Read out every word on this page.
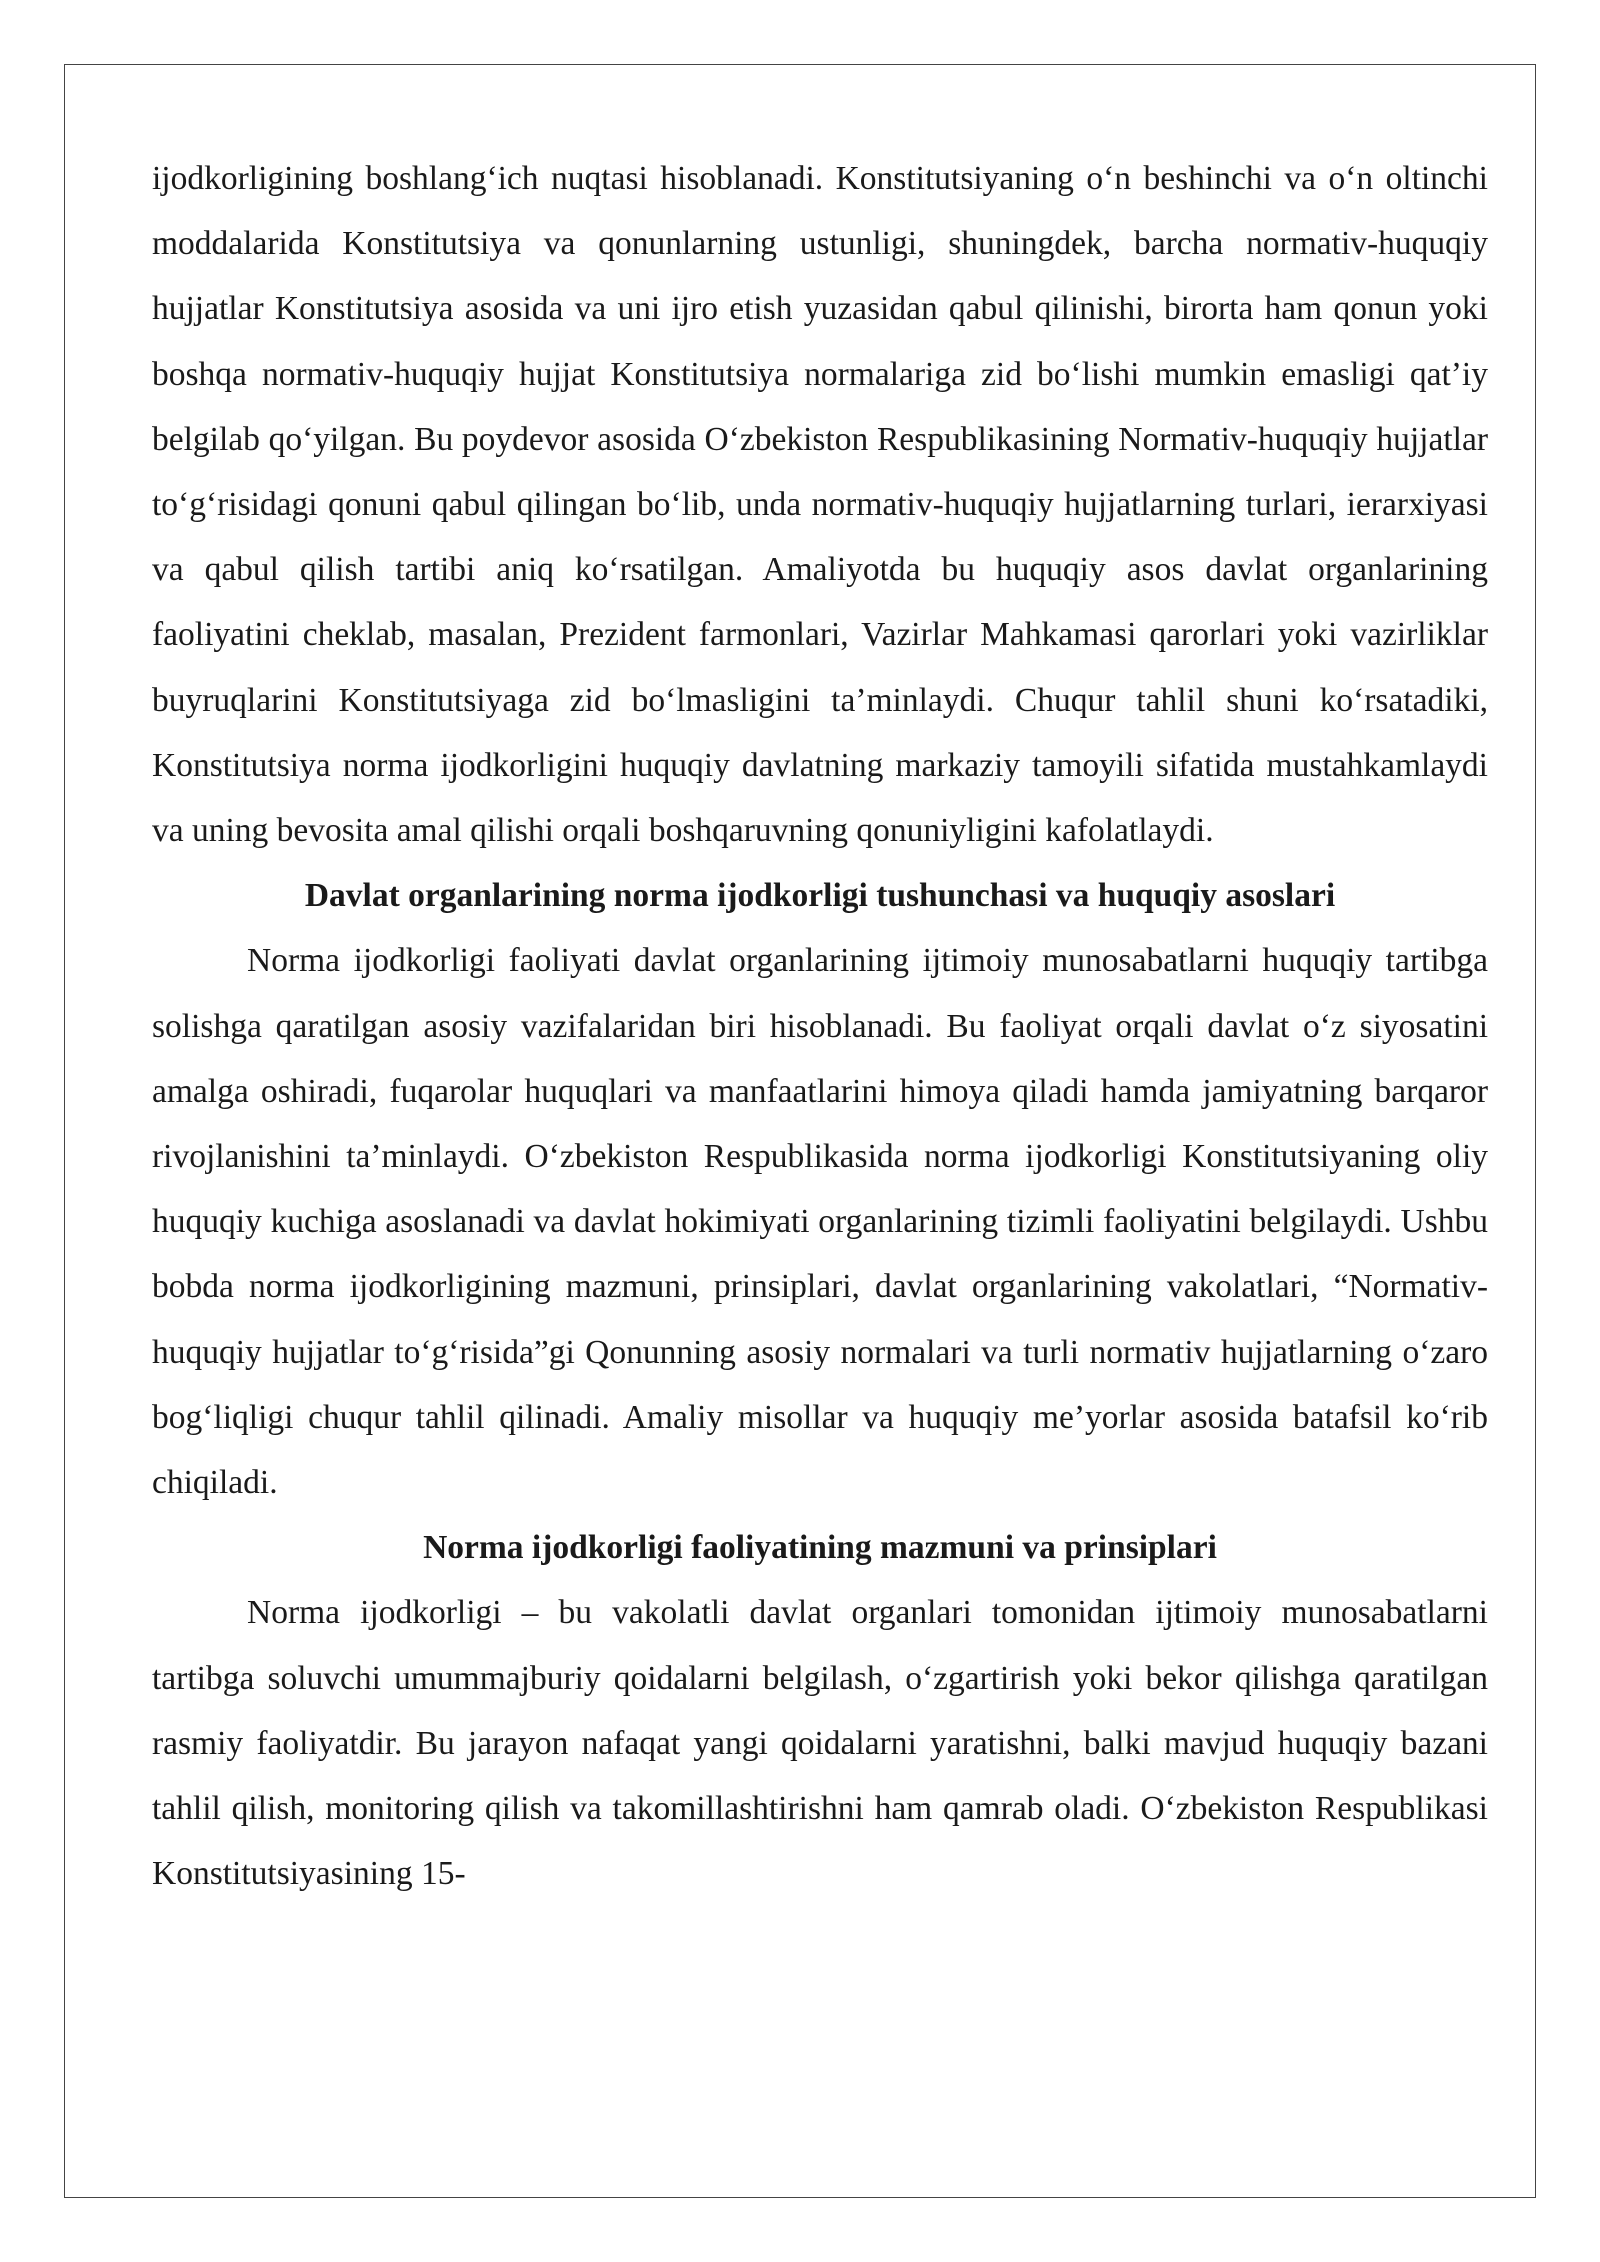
ijodkorligining boshlang‘ich nuqtasi hisoblanadi. Konstitutsiyaning o‘n beshinchi va o‘n oltinchi moddalarida Konstitutsiya va qonunlarning ustunligi, shuningdek, barcha normativ-huquqiy hujjatlar Konstitutsiya asosida va uni ijro etish yuzasidan qabul qilinishi, birorta ham qonun yoki boshqa normativ-huquqiy hujjat Konstitutsiya normalariga zid bo‘lishi mumkin emasligi qat’iy belgilab qo‘yilgan. Bu poydevor asosida O‘zbekiston Respublikasining Normativ-huquqiy hujjatlar to‘g‘risidagi qonuni qabul qilingan bo‘lib, unda normativ-huquqiy hujjatlarning turlari, ierarxiyasi va qabul qilish tartibi aniq ko‘rsatilgan. Amaliyotda bu huquqiy asos davlat organlarining faoliyatini cheklab, masalan, Prezident farmonlari, Vazirlar Mahkamasi qarorlari yoki vazirliklar buyruqlarini Konstitutsiyaga zid bo‘lmasligini ta’minlaydi. Chuqur tahlil shuni ko‘rsatadiki, Konstitutsiya norma ijodkorligini huquqiy davlatning markaziy tamoyili sifatida mustahkamlaydi va uning bevosita amal qilishi orqali boshqaruvning qonuniyligini kafolatlaydi.

Davlat organlarining norma ijodkorligi tushunchasi va huquqiy asoslari

Norma ijodkorligi faoliyati davlat organlarining ijtimoiy munosabatlarni huquqiy tartibga solishga qaratilgan asosiy vazifalaridan biri hisoblanadi. Bu faoliyat orqali davlat o‘z siyosatini amalga oshiradi, fuqarolar huquqlari va manfaatlarini himoya qiladi hamda jamiyatning barqaror rivojlanishini ta’minlaydi. O‘zbekiston Respublikasida norma ijodkorligi Konstitutsiyaning oliy huquqiy kuchiga asoslanadi va davlat hokimiyati organlarining tizimli faoliyatini belgilaydi. Ushbu bobda norma ijodkorligining mazmuni, prinsiplari, davlat organlarining vakolatlari, “Normativ-huquqiy hujjatlar to‘g‘risida”gi Qonunning asosiy normalari va turli normativ hujjatlarning o‘zaro bog‘liqligi chuqur tahlil qilinadi. Amaliy misollar va huquqiy me’yorlar asosida batafsil ko‘rib chiqiladi.

Norma ijodkorligi faoliyatining mazmuni va prinsiplari

Norma ijodkorligi – bu vakolatli davlat organlari tomonidan ijtimoiy munosabatlarni tartibga soluvchi umummajburiy qoidalarni belgilash, o‘zgartirish yoki bekor qilishga qaratilgan rasmiy faoliyatdir. Bu jarayon nafaqat yangi qoidalarni yaratishni, balki mavjud huquqiy bazani tahlil qilish, monitoring qilish va takomillashtirishni ham qamrab oladi. O‘zbekiston Respublikasi Konstitutsiyasining 15-
